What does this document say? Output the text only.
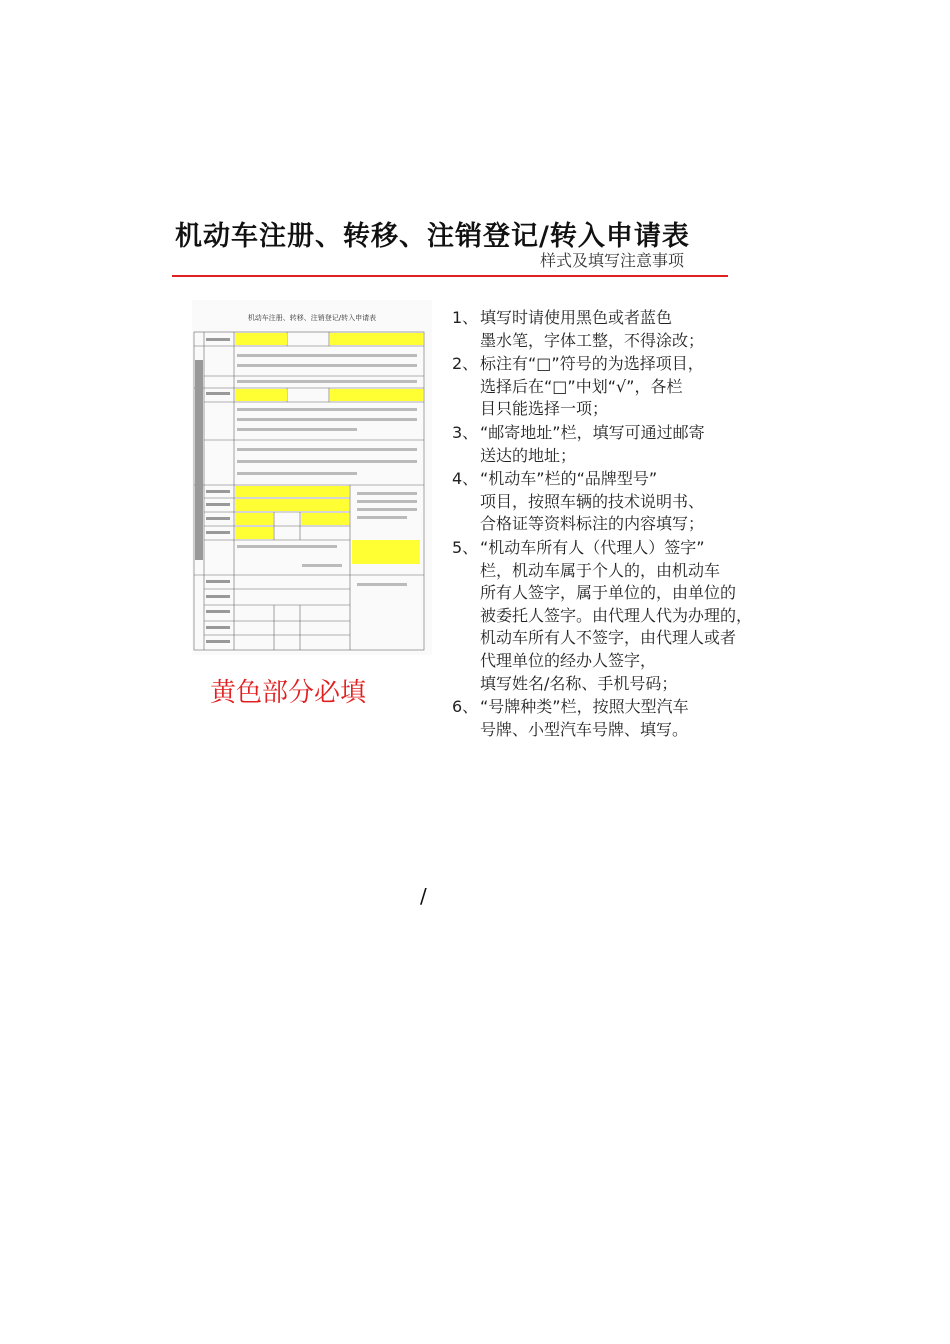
机动车注册、转移、注销登记/转入申请表
样式及填写注意事项
机动车注册、转移、注销登记/转入申请表
黄色部分必填
1、 填写时请使用黑色或者蓝色
墨水笔，字体工整，不得涂改；
2、 标注有“□”符号的为选择项目，
选择后在“□”中划“√”，各栏
目只能选择一项；
3、 “邮寄地址”栏，填写可通过邮寄
送达的地址；
4、 “机动车”栏的“品牌型号”
项目，按照车辆的技术说明书、
合格证等资料标注的内容填写；
5、 “机动车所有人（代理人）签字”
栏，机动车属于个人的，由机动车
所有人签字，属于单位的，由单位的
被委托人签字。由代理人代为办理的，
机动车所有人不签字，由代理人或者
代理单位的经办人签字，
填写姓名/名称、手机号码；
6、 “号牌种类”栏，按照大型汽车
号牌、小型汽车号牌、填写。
/
